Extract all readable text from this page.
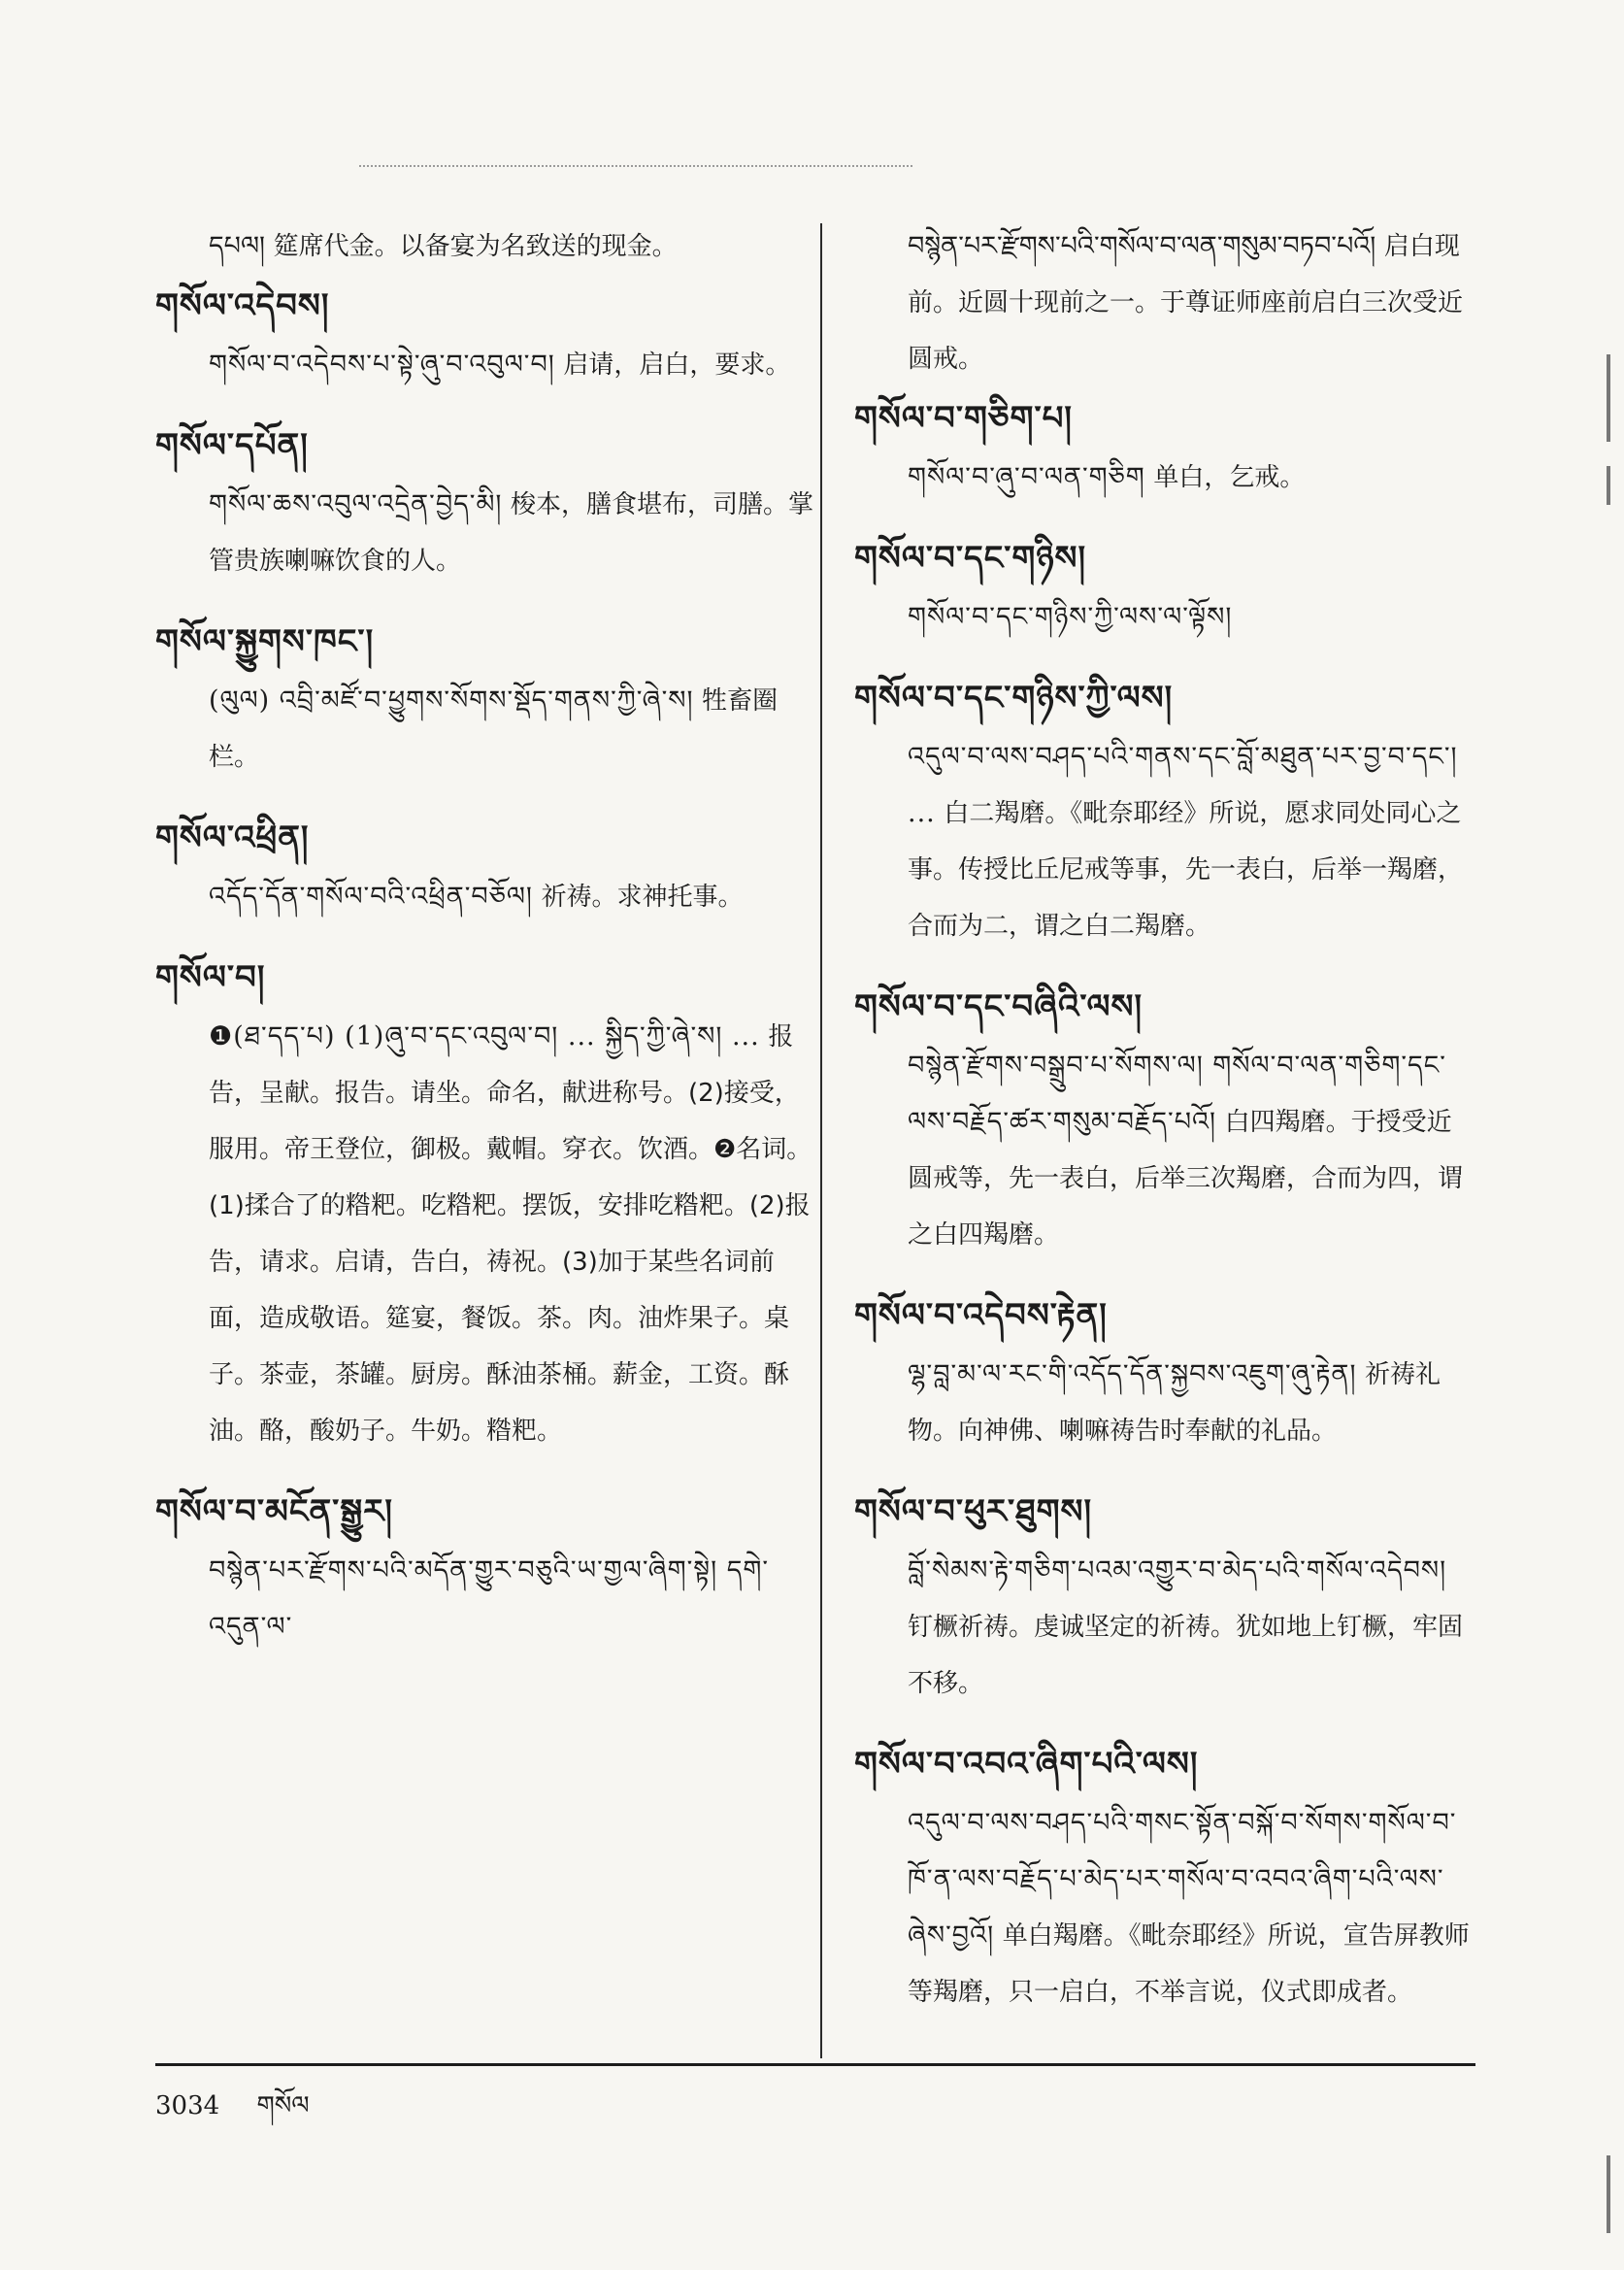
དཔལ། 筵席代金。以备宴为名致送的现金。
གསོལ་འདེབས།
གསོལ་བ་འདེབས་པ་སྟེ་ཞུ་བ་འབུལ་བ། 启请，启白，要求。
གསོལ་དཔོན།
གསོལ་ཆས་འབུལ་འདྲེན་བྱེད་མི། 梭本，膳食堪布，司膳。掌管贵族喇嘛饮食的人。
གསོལ་སྐྱུགས་ཁང་།
(ལུལ) འབྲི་མཛོ་བ་ཕྱུགས་སོགས་སྡོད་གནས་ཀྱི་ཞེ་ས། 牲畜圈栏。
གསོལ་འཕྲིན།
འདོད་དོན་གསོལ་བའི་འཕྲིན་བཅོལ། 祈祷。求神托事。
གསོལ་བ།
❶(ཐ་དད་པ) (1)ཞུ་བ་དང་འབུལ་བ། ... སྐྱིད་ཀྱི་ཞེ་ས། ... 报告，呈献。报告。请坐。命名，献进称号。(2)接受，服用。帝王登位，御极。戴帽。穿衣。饮酒。❷名词。(1)揉合了的糌粑。吃糌粑。摆饭，安排吃糌粑。(2)报告，请求。启请，告白，祷祝。(3)加于某些名词前面，造成敬语。筵宴，餐饭。茶。肉。油炸果子。桌子。茶壶，茶罐。厨房。酥油茶桶。薪金，工资。酥油。酪，酸奶子。牛奶。糌粑。
གསོལ་བ་མངོན་སྒྱུར།
བསྙེན་པར་རྫོགས་པའི་མདོན་གྱུར་བཅུའི་ཡ་གྱལ་ཞིག་སྟེ། དགེ་འདུན་ལ་
བསྙེན་པར་རྫོགས་པའི་གསོལ་བ་ལན་གསུམ་བཏབ་པའོ། 启白现前。近圆十现前之一。于尊证师座前启白三次受近圆戒。
གསོལ་བ་གཅིག་པ།
གསོལ་བ་ཞུ་བ་ལན་གཅིག 单白，乞戒。
གསོལ་བ་དང་གཉིས།
གསོལ་བ་དང་གཉིས་ཀྱི་ལས་ལ་ལྟོས།
གསོལ་བ་དང་གཉིས་ཀྱི་ལས།
འདུལ་བ་ལས་བཤད་པའི་གནས་དང་བློ་མཐུན་པར་བྱ་བ་དང་། ... 白二羯磨。《毗奈耶经》所说，愿求同处同心之事。传授比丘尼戒等事，先一表白，后举一羯磨，合而为二，谓之白二羯磨。
གསོལ་བ་དང་བཞིའི་ལས།
བསྙེན་རྫོགས་བསྒྲུབ་པ་སོགས་ལ། གསོལ་བ་ལན་གཅིག་དང་ལས་བརྗོད་ཚར་གསུམ་བརྗོད་པའོ། 白四羯磨。于授受近圆戒等，先一表白，后举三次羯磨，合而为四，谓之白四羯磨。
གསོལ་བ་འདེབས་རྟེན།
ལྷ་བླ་མ་ལ་རང་གི་འདོད་དོན་སྐྱབས་འཇུག་ཞུ་རྟེན། 祈祷礼物。向神佛、喇嘛祷告时奉献的礼品。
གསོལ་བ་ཕུར་ཐུགས།
བློ་སེམས་རྟེ་གཅིག་པའམ་འགྱུར་བ་མེད་པའི་གསོལ་འདེབས། 钉橛祈祷。虔诚坚定的祈祷。犹如地上钉橛，牢固不移。
གསོལ་བ་འབའ་ཞིག་པའི་ལས།
འདུལ་བ་ལས་བཤད་པའི་གསང་སྟོན་བསྐོ་བ་སོགས་གསོལ་བ་ཁོ་ན་ལས་བརྗོད་པ་མེད་པར་གསོལ་བ་འབའ་ཞིག་པའི་ལས་ཞེས་བྱའོ། 单白羯磨。《毗奈耶经》所说，宣告屏教师等羯磨，只一启白，不举言说，仪式即成者。
3034 གསོལ
